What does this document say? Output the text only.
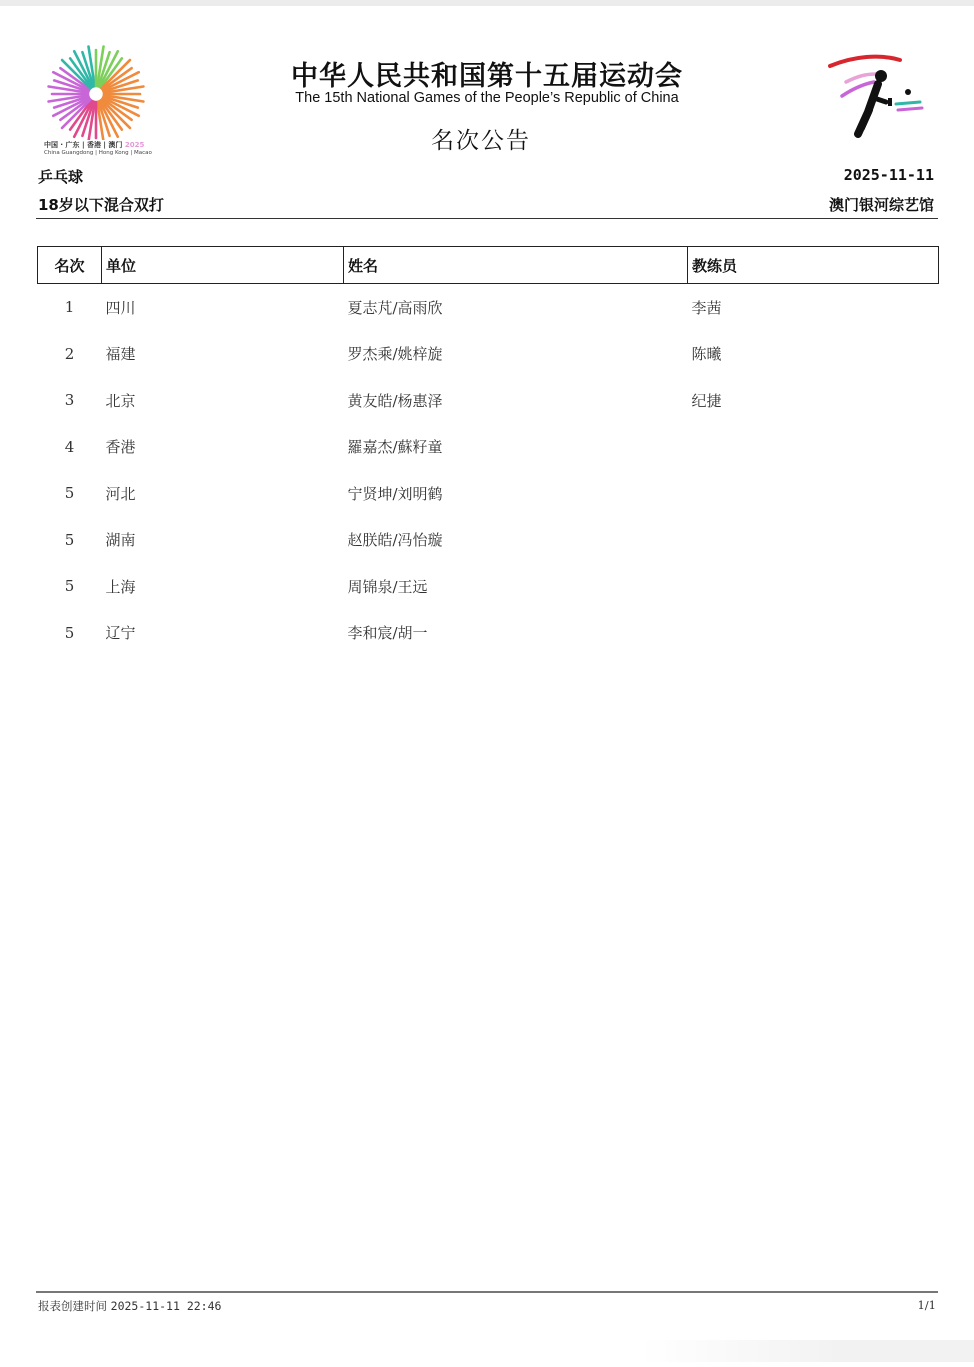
中国 · 广东 | 香港 | 澳门 2025
China Guangdong | Hong Kong | Macao
中华人民共和国第十五届运动会
The 15th National Games of the People’s Republic of China
名次公告
乒乓球
18岁以下混合双打
2025-11-11
澳门银河综艺馆
名次	单位	姓名	教练员
1	四川	夏志芃/高雨欣	李茜
2	福建	罗杰乘/姚梓旋	陈曦
3	北京	黄友皓/杨惠泽	纪捷
4	香港	羅嘉杰/蘇籽童	
5	河北	宁贤坤/刘明鹤	
5	湖南	赵朕皓/冯怡璇	
5	上海	周锦泉/王远	
5	辽宁	李和宸/胡一	
报表创建时间 2025-11-11 22:46	1/1
